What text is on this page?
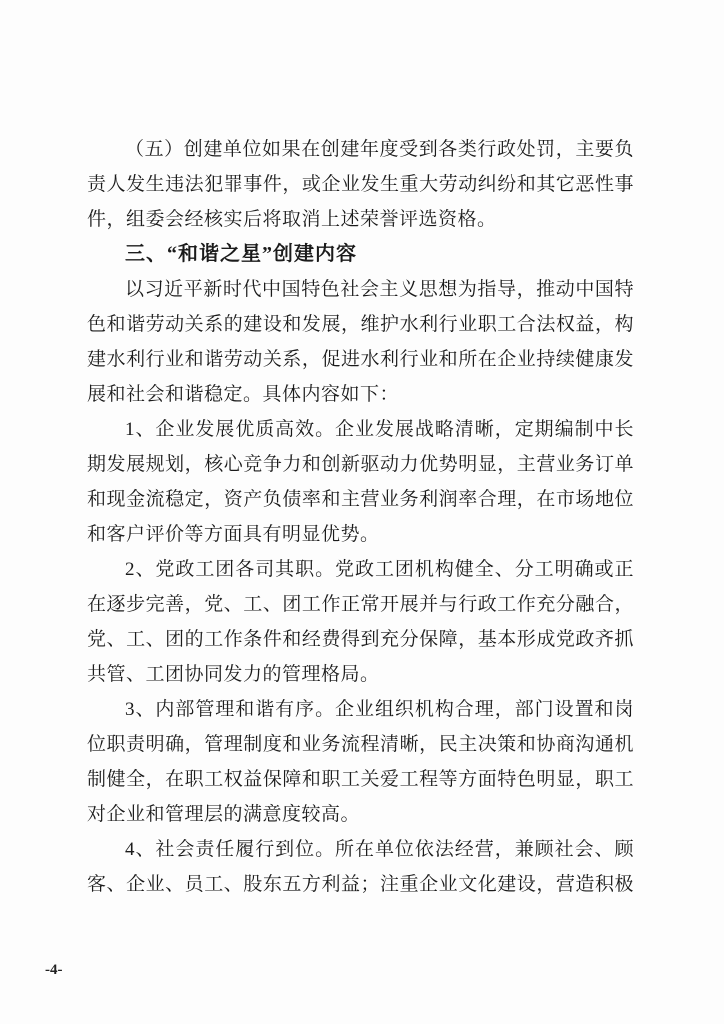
（五）创建单位如果在创建年度受到各类行政处罚，主要负
责人发生违法犯罪事件，或企业发生重大劳动纠纷和其它恶性事
件，组委会经核实后将取消上述荣誉评选资格。
三、“和谐之星”创建内容
以习近平新时代中国特色社会主义思想为指导，推动中国特
色和谐劳动关系的建设和发展，维护水利行业职工合法权益，构
建水利行业和谐劳动关系，促进水利行业和所在企业持续健康发
展和社会和谐稳定。具体内容如下：
1、企业发展优质高效。企业发展战略清晰，定期编制中长
期发展规划，核心竞争力和创新驱动力优势明显，主营业务订单
和现金流稳定，资产负债率和主营业务利润率合理，在市场地位
和客户评价等方面具有明显优势。
2、党政工团各司其职。党政工团机构健全、分工明确或正
在逐步完善，党、工、团工作正常开展并与行政工作充分融合，
党、工、团的工作条件和经费得到充分保障，基本形成党政齐抓
共管、工团协同发力的管理格局。
3、内部管理和谐有序。企业组织机构合理，部门设置和岗
位职责明确，管理制度和业务流程清晰，民主决策和协商沟通机
制健全，在职工权益保障和职工关爱工程等方面特色明显，职工
对企业和管理层的满意度较高。
4、社会责任履行到位。所在单位依法经营，兼顾社会、顾
客、企业、员工、股东五方利益；注重企业文化建设，营造积极
-4-
